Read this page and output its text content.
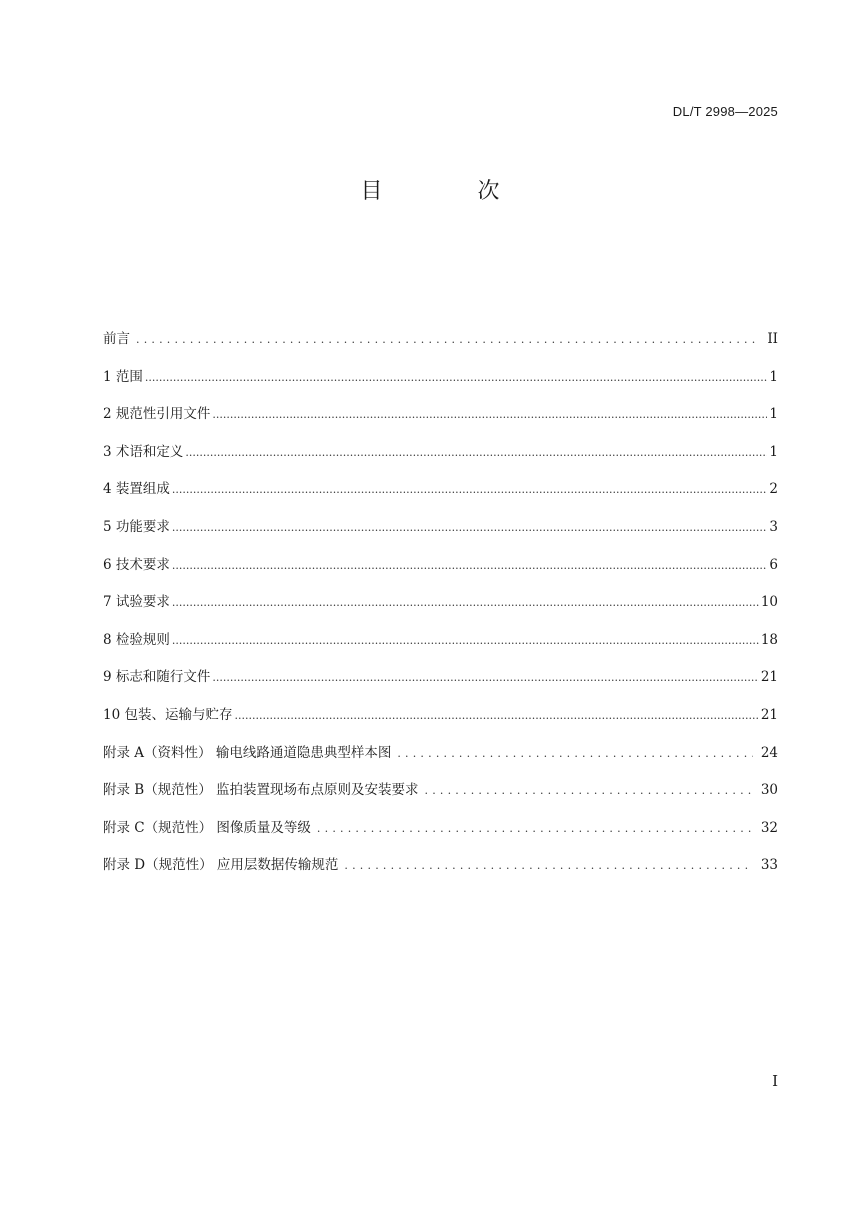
DL/T 2998—2025
目 次
前言 .....	II
1 范围 .....	1
2 规范性引用文件 .....	1
3 术语和定义 .....	1
4 装置组成 .....	2
5 功能要求 .....	3
6 技术要求 .....	6
7 试验要求 .....	10
8 检验规则 .....	18
9 标志和随行文件 .....	21
10 包装、运输与贮存 .....	21
附录 A（资料性） 输电线路通道隐患典型样本图 .....	24
附录 B（规范性） 监拍装置现场布点原则及安装要求 .....	30
附录 C（规范性） 图像质量及等级 .....	32
附录 D（规范性） 应用层数据传输规范 .....	33
I
